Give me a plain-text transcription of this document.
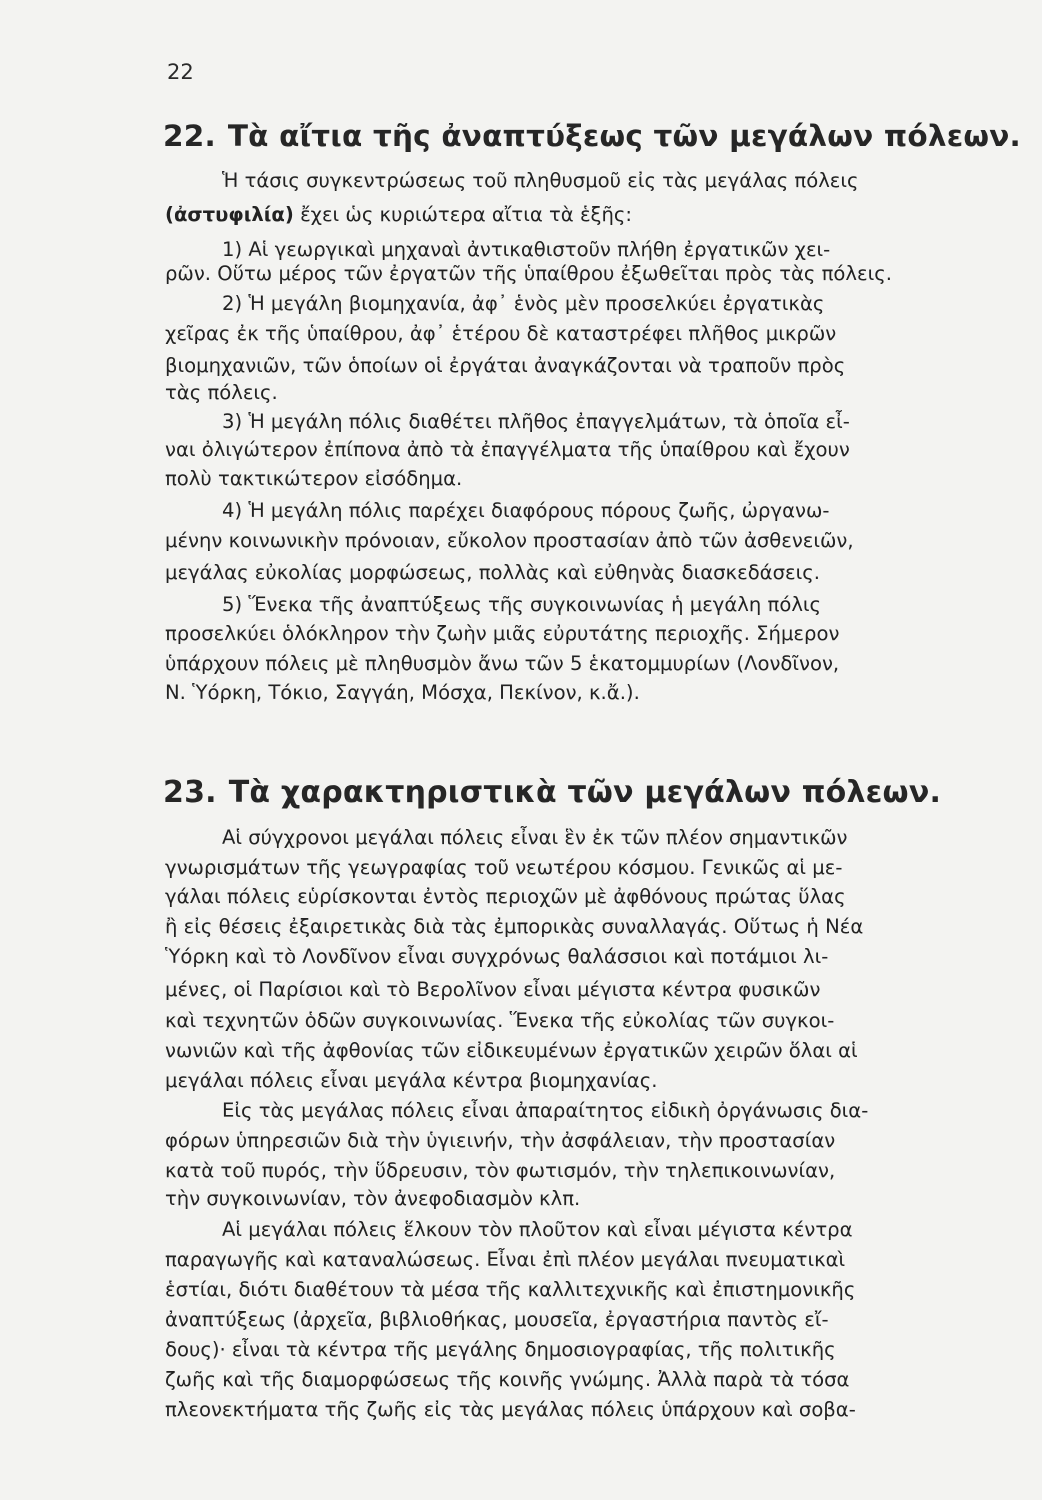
22
22. Τὰ αἴτια τῆς ἀναπτύξεως τῶν μεγάλων πόλεων.
Ἡ τάσις συγκεντρώσεως τοῦ πληθυσμοῦ εἰς τὰς μεγάλας πόλεις
(ἀστυφιλία) ἔχει ὡς κυριώτερα αἴτια τὰ ἑξῆς:
1) Αἱ γεωργικαὶ μηχαναὶ ἀντικαθιστοῦν πλήθη ἐργατικῶν χει-
ρῶν. Οὕτω μέρος τῶν ἐργατῶν τῆς ὑπαίθρου ἐξωθεῖται πρὸς τὰς πόλεις.
2) Ἡ μεγάλη βιομηχανία, ἀφ᾽ ἑνὸς μὲν προσελκύει ἐργατικὰς
χεῖρας ἐκ τῆς ὑπαίθρου, ἀφ᾽ ἑτέρου δὲ καταστρέφει πλῆθος μικρῶν
βιομηχανιῶν, τῶν ὁποίων οἱ ἐργάται ἀναγκάζονται νὰ τραποῦν πρὸς
τὰς πόλεις.
3) Ἡ μεγάλη πόλις διαθέτει πλῆθος ἐπαγγελμάτων, τὰ ὁποῖα εἶ-
ναι ὀλιγώτερον ἐπίπονα ἀπὸ τὰ ἐπαγγέλματα τῆς ὑπαίθρου καὶ ἔχουν
πολὺ τακτικώτερον εἰσόδημα.
4) Ἡ μεγάλη πόλις παρέχει διαφόρους πόρους ζωῆς, ὠργανω-
μένην κοινωνικὴν πρόνοιαν, εὔκολον προστασίαν ἀπὸ τῶν ἀσθενειῶν,
μεγάλας εὐκολίας μορφώσεως, πολλὰς καὶ εὐθηνὰς διασκεδάσεις.
5) Ἕνεκα τῆς ἀναπτύξεως τῆς συγκοινωνίας ἡ μεγάλη πόλις
προσελκύει ὁλόκληρον τὴν ζωὴν μιᾶς εὐρυτάτης περιοχῆς. Σήμερον
ὑπάρχουν πόλεις μὲ πληθυσμὸν ἄνω τῶν 5 ἑκατομμυρίων (Λονδῖνον,
Ν. Ὑόρκη, Τόκιο, Σαγγάη, Μόσχα, Πεκίνον, κ.ἄ.).
23. Τὰ χαρακτηριστικὰ τῶν μεγάλων πόλεων.
Αἱ σύγχρονοι μεγάλαι πόλεις εἶναι ἓν ἐκ τῶν πλέον σημαντικῶν
γνωρισμάτων τῆς γεωγραφίας τοῦ νεωτέρου κόσμου. Γενικῶς αἱ με-
γάλαι πόλεις εὑρίσκονται ἐντὸς περιοχῶν μὲ ἀφθόνους πρώτας ὕλας
ἢ εἰς θέσεις ἐξαιρετικὰς διὰ τὰς ἐμπορικὰς συναλλαγάς. Οὕτως ἡ Νέα
Ὑόρκη καὶ τὸ Λονδῖνον εἶναι συγχρόνως θαλάσσιοι καὶ ποτάμιοι λι-
μένες, οἱ Παρίσιοι καὶ τὸ Βερολῖνον εἶναι μέγιστα κέντρα φυσικῶν
καὶ τεχνητῶν ὁδῶν συγκοινωνίας. Ἕνεκα τῆς εὐκολίας τῶν συγκοι-
νωνιῶν καὶ τῆς ἀφθονίας τῶν εἰδικευμένων ἐργατικῶν χειρῶν ὅλαι αἱ
μεγάλαι πόλεις εἶναι μεγάλα κέντρα βιομηχανίας.
Εἰς τὰς μεγάλας πόλεις εἶναι ἀπαραίτητος εἰδικὴ ὀργάνωσις δια-
φόρων ὑπηρεσιῶν διὰ τὴν ὑγιεινήν, τὴν ἀσφάλειαν, τὴν προστασίαν
κατὰ τοῦ πυρός, τὴν ὕδρευσιν, τὸν φωτισμόν, τὴν τηλεπικοινωνίαν,
τὴν συγκοινωνίαν, τὸν ἀνεφοδιασμὸν κλπ.
Αἱ μεγάλαι πόλεις ἕλκουν τὸν πλοῦτον καὶ εἶναι μέγιστα κέντρα
παραγωγῆς καὶ καταναλώσεως. Εἶναι ἐπὶ πλέον μεγάλαι πνευματικαὶ
ἑστίαι, διότι διαθέτουν τὰ μέσα τῆς καλλιτεχνικῆς καὶ ἐπιστημονικῆς
ἀναπτύξεως (ἀρχεῖα, βιβλιοθήκας, μουσεῖα, ἐργαστήρια παντὸς εἴ-
δους)· εἶναι τὰ κέντρα τῆς μεγάλης δημοσιογραφίας, τῆς πολιτικῆς
ζωῆς καὶ τῆς διαμορφώσεως τῆς κοινῆς γνώμης. Ἀλλὰ παρὰ τὰ τόσα
πλεονεκτήματα τῆς ζωῆς εἰς τὰς μεγάλας πόλεις ὑπάρχουν καὶ σοβα-
